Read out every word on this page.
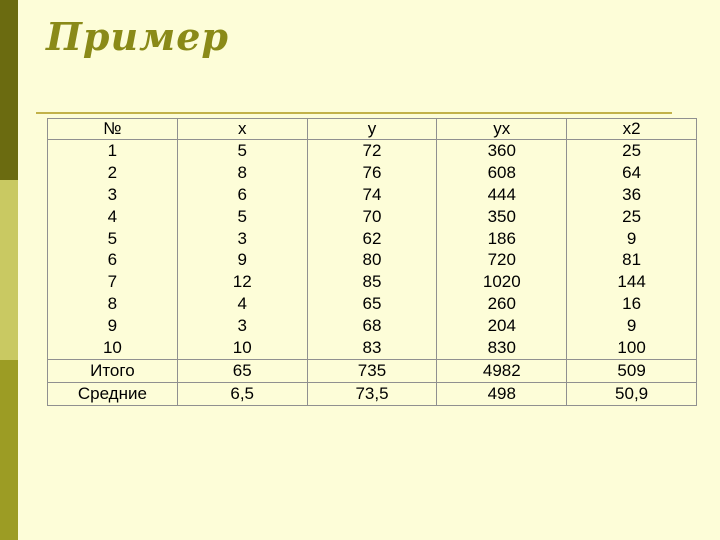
Пример
№	x	y	yx	x2
1	5	72	360	25
2	8	76	608	64
3	6	74	444	36
4	5	70	350	25
5	3	62	186	9
6	9	80	720	81
7	12	85	1020	144
8	4	65	260	16
9	3	68	204	9
10	10	83	830	100
Итого	65	735	4982	509
Средние	6,5	73,5	498	50,9
